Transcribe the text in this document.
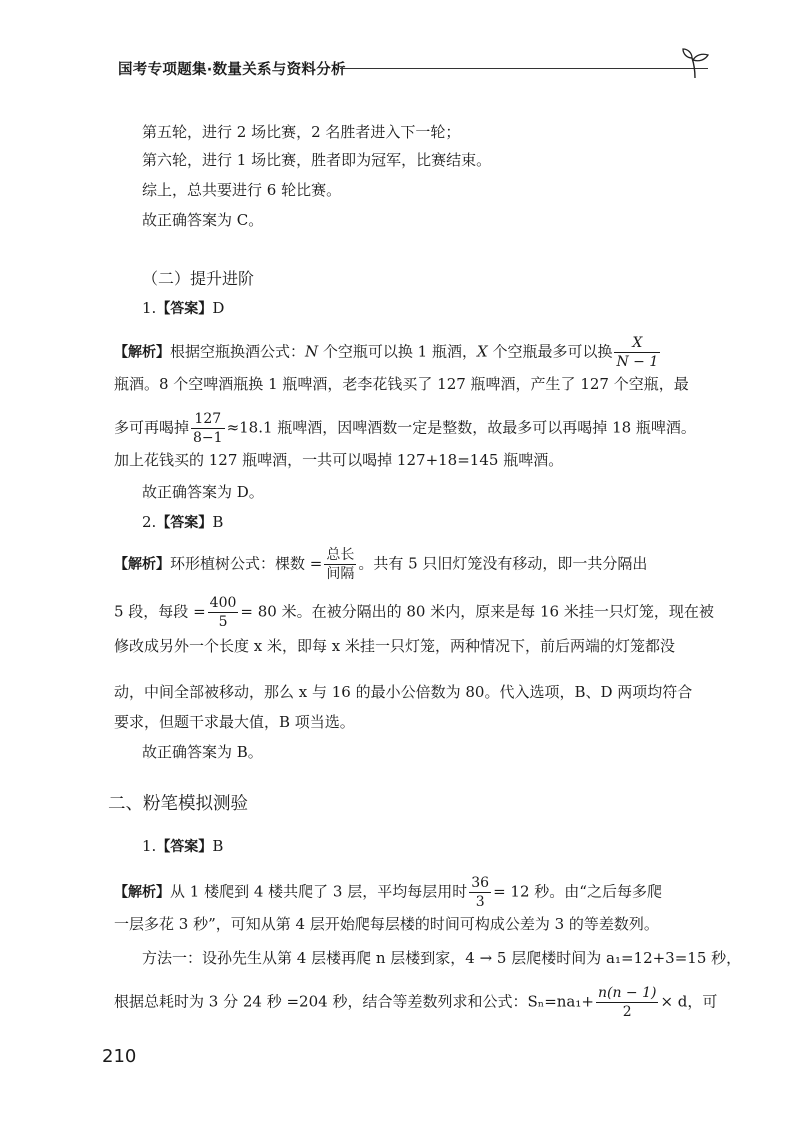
国考专项题集·数量关系与资料分析
第五轮，进行 2 场比赛，2 名胜者进入下一轮；
第六轮，进行 1 场比赛，胜者即为冠军，比赛结束。
综上，总共要进行 6 轮比赛。
故正确答案为 C。
（二）提升进阶
1.【答案】D
【解析】根据空瓶换酒公式：N 个空瓶可以换 1 瓶酒，X 个空瓶最多可以换 $\frac{X}{N - 1}$
瓶酒。8 个空啤酒瓶换 1 瓶啤酒，老李花钱买了 127 瓶啤酒，产生了 127 个空瓶，最
多可再喝掉 $\frac{127}{8-1} \approx 18.1$ 瓶啤酒，因啤酒数一定是整数，故最多可以再喝掉 18 瓶啤酒。
加上花钱买的 127 瓶啤酒，一共可以喝掉 127+18=145 瓶啤酒。
故正确答案为 D。
2.【答案】B
【解析】环形植树公式：棵数 = $\frac{\text{总长}}{\text{间隔}}$ 。共有 5 只旧灯笼没有移动，即一共分隔出
5 段，每段 = $\frac{400}{5} = 80$ 米。在被分隔出的 80 米内，原来是每 16 米挂一只灯笼，现在被
修改成另外一个长度 x 米，即每 x 米挂一只灯笼，两种情况下，前后两端的灯笼都没
动，中间全部被移动，那么 x 与 16 的最小公倍数为 80。代入选项，B、D 两项均符合
要求，但题干求最大值，B 项当选。
故正确答案为 B。
二、粉笔模拟测验
1.【答案】B
【解析】从 1 楼爬到 4 楼共爬了 3 层，平均每层用时 $\frac{36}{3} = 12$ 秒。由“之后每多爬
一层多花 3 秒”，可知从第 4 层开始爬每层楼的时间可构成公差为 3 的等差数列。
方法一：设孙先生从第 4 层楼再爬 n 层楼到家，4 → 5 层爬楼时间为 a₁=12+3=15 秒，
根据总耗时为 3 分 24 秒 =204 秒，结合等差数列求和公式：$S_n=na_1+ \frac{n(n - 1)}{2} \times d$，可
210
